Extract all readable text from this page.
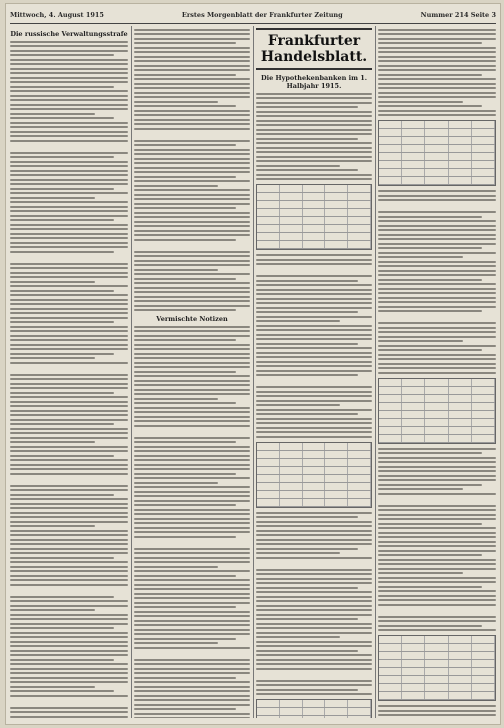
Mittwoch, 4. August 1915	Erstes Morgenblatt der Frankfurter Zeitung	Nummer 214 Seite 3
Die russische Verwaltungsstrafe
Vermischte Notizen
Frankfurter Handelsblatt.
Die Hypothekenbanken im 1. Halbjahr 1915.
